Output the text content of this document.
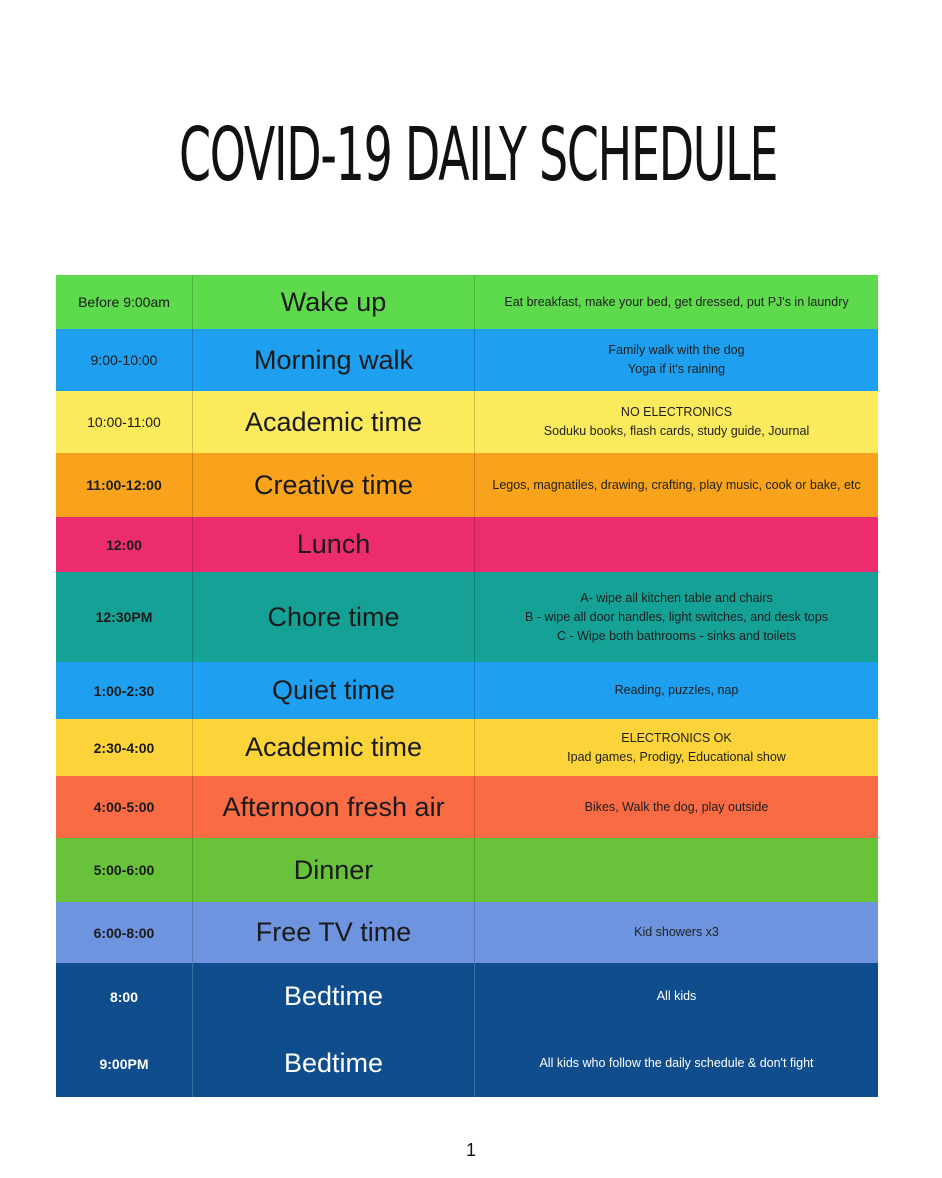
COVID-19 DAILY SCHEDULE
Before 9:00am	Wake up	Eat breakfast, make your bed, get dressed, put PJ's in laundry
9:00-10:00	Morning walk	Family walk with the dog
Yoga if it's raining
10:00-11:00	Academic time	NO ELECTRONICS
Soduku books, flash cards, study guide, Journal
11:00-12:00	Creative time	Legos, magnatiles, drawing, crafting, play music, cook or bake, etc
12:00	Lunch
12:30PM	Chore time
A- wipe all kitchen table and chairs
B - wipe all door handles, light switches, and desk tops
C - Wipe both bathrooms - sinks and toilets
1:00-2:30	Quiet time	Reading, puzzles, nap
2:30-4:00	Academic time	ELECTRONICS OK
Ipad games, Prodigy, Educational show
4:00-5:00	Afternoon fresh air	Bikes, Walk the dog, play outside
5:00-6:00	Dinner
6:00-8:00	Free TV time	Kid showers x3
8:00	Bedtime	All kids
9:00PM	Bedtime	All kids who follow the daily schedule & don't fight
1
